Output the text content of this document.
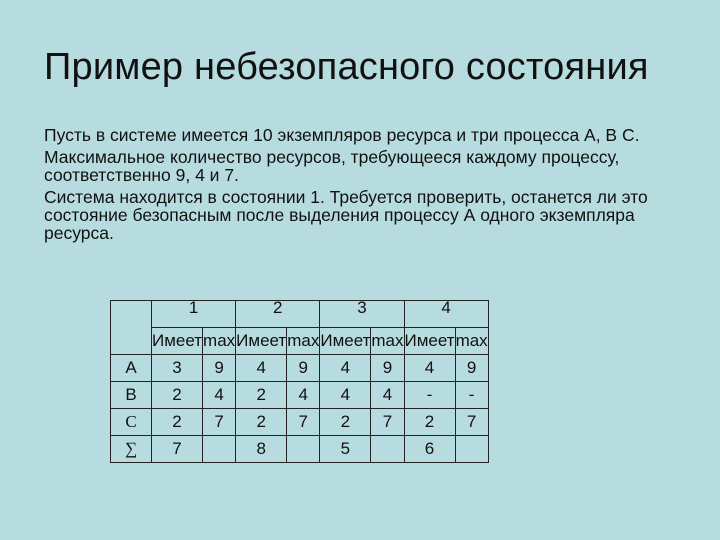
Пример небезопасного состояния

Пусть в системе имеется 10 экземпляров ресурса и три процесса А, В С.

Максимальное количество ресурсов, требующееся каждому процессу, соответственно 9, 4 и 7.

Система находится в состоянии 1. Требуется проверить, останется ли это состояние безопасным после выделения процессу А одного экземпляра ресурса.

	1		2		3		4	
	Имеет	max	Имеет	max	Имеет	max	Имеет	max
A	3	9	4	9	4	9	4	9
B	2	4	2	4	4	4	-	-
C	2	7	2	7	2	7	2	7
∑	7		8		5		6	
